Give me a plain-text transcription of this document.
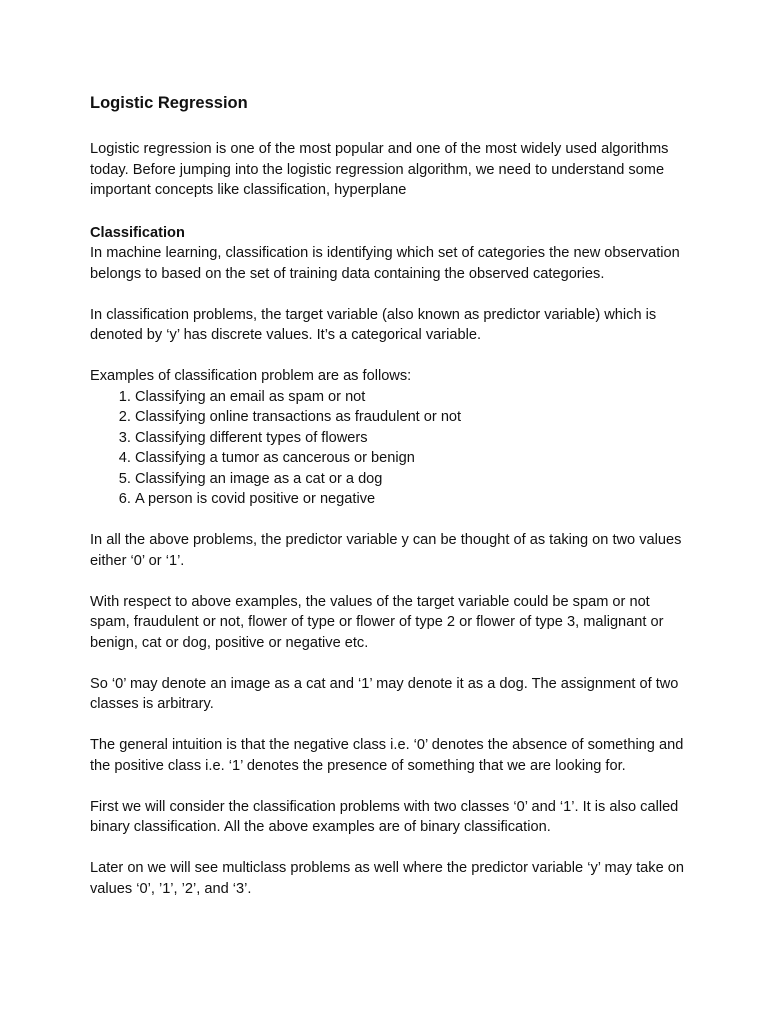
Logistic Regression

Logistic regression is one of the most popular and one of the most widely used algorithms today. Before jumping into the logistic regression algorithm, we need to understand some important concepts like classification, hyperplane

Classification

In machine learning, classification is identifying which set of categories the new observation belongs to based on the set of training data containing the observed categories.

In classification problems, the target variable (also known as predictor variable) which is denoted by ‘y’ has discrete values. It’s a categorical variable.

Examples of classification problem are as follows:

1. Classifying an email as spam or not
2. Classifying online transactions as fraudulent or not
3. Classifying different types of flowers
4. Classifying a tumor as cancerous or benign
5. Classifying an image as a cat or a dog
6. A person is covid positive or negative

In all the above problems, the predictor variable y can be thought of as taking on two values either ‘0’ or ‘1’.

With respect to above examples, the values of the target variable could be spam or not spam, fraudulent or not, flower of type or flower of type 2 or flower of type 3, malignant or benign, cat or dog, positive or negative etc.

So ‘0’ may denote an image as a cat and ‘1’ may denote it as a dog. The assignment of two classes is arbitrary.

The general intuition is that the negative class i.e. ‘0’ denotes the absence of something and the positive class i.e. ‘1’ denotes the presence of something that we are looking for.

First we will consider the classification problems with two classes ‘0’ and ‘1’. It is also called binary classification. All the above examples are of binary classification.

Later on we will see multiclass problems as well where the predictor variable ‘y’ may take on values ‘0’, ’1’, ’2’, and ‘3’.
